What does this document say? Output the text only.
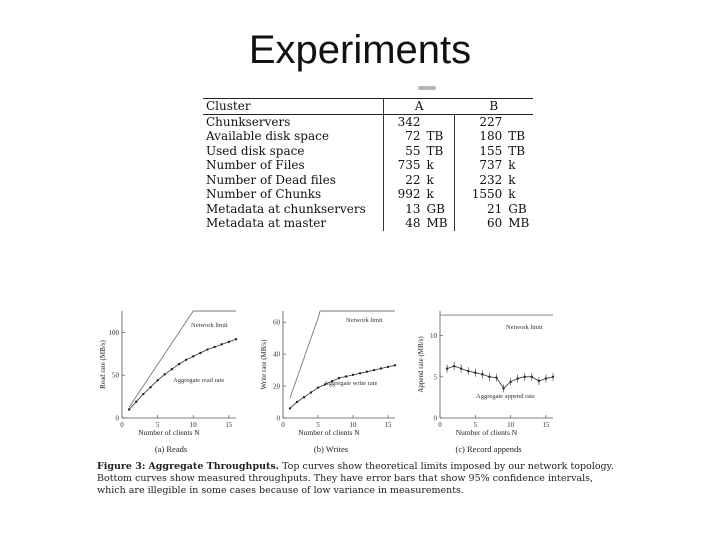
Experiments
Cluster	A		B	
Chunkservers	342		227	
Available disk space	72	TB	180	TB
Used disk space	55	TB	155	TB
Number of Files	735	k	737	k
Number of Dead files	22	k	232	k
Number of Chunks	992	k	1550	k
Metadata at chunkservers	13	GB	21	GB
Metadata at master	48	MB	60	MB
0	5	10	15
0
50
100
Number of clients N
Read rate (MB/s)
Network limit
Aggregate read rate
(a) Reads
0	5	10	15
0
20
40
60
Number of clients N
Write rate (MB/s)
Network limit
Aggregate write rate
(b) Writes
0	5	10	15
0
5
10
Number of clients N
Append rate (MB/s)
Network limit
Aggregate append rate
(c) Record appends
Figure 3: Aggregate Throughputs. Top curves show theoretical limits imposed by our network topology. Bottom curves show measured throughputs. They have error bars that show 95% confidence intervals, which are illegible in some cases because of low variance in measurements.
